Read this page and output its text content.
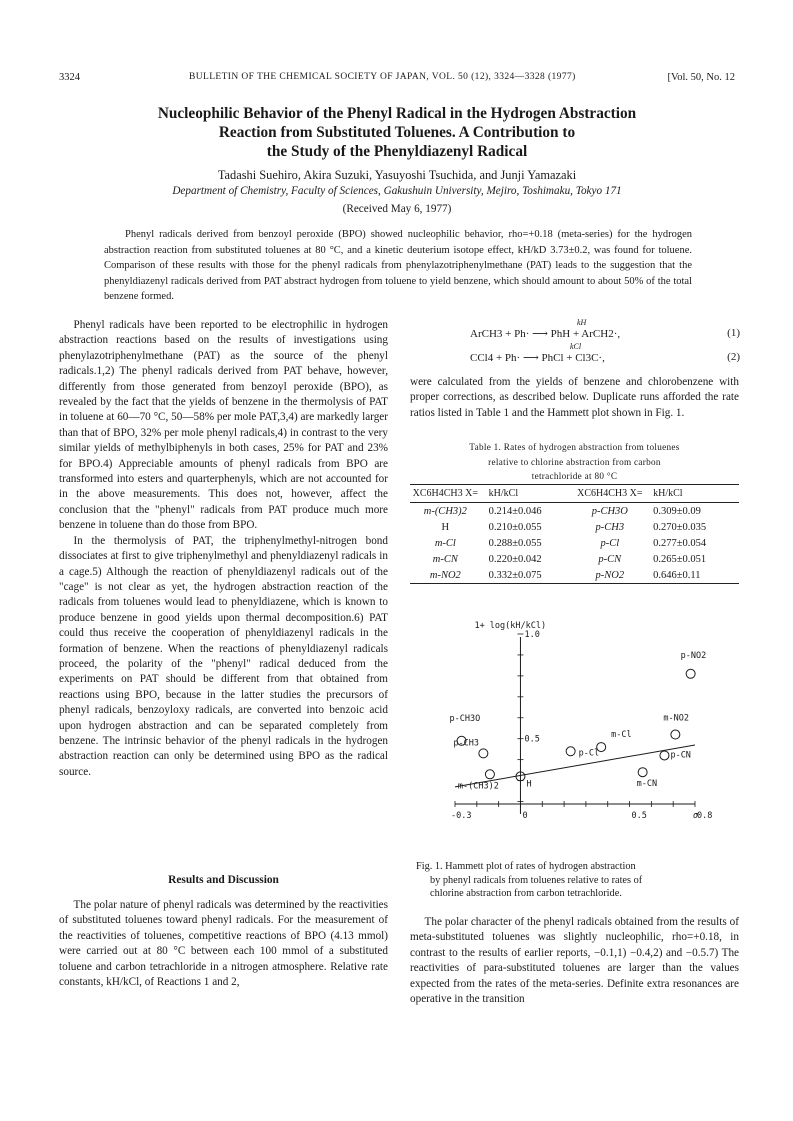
3324	BULLETIN OF THE CHEMICAL SOCIETY OF JAPAN, VOL. 50 (12), 3324—3328 (1977)	[Vol. 50, No. 12
Nucleophilic Behavior of the Phenyl Radical in the Hydrogen Abstraction
Reaction from Substituted Toluenes. A Contribution to
the Study of the Phenyldiazenyl Radical
Tadashi Suehiro, Akira Suzuki, Yasuyoshi Tsuchida, and Junji Yamazaki
Department of Chemistry, Faculty of Sciences, Gakushuin University, Mejiro, Toshimaku, Tokyo 171
(Received May 6, 1977)
Phenyl radicals derived from benzoyl peroxide (BPO) showed nucleophilic behavior, rho=+0.18 (meta-series) for the hydrogen abstraction reaction from substituted toluenes at 80 °C, and a kinetic deuterium isotope effect, kH/kD 3.73±0.2, was found for toluene. Comparison of these results with those for the phenyl radicals from phenylazotriphenylmethane (PAT) leads to the suggestion that the phenyldiazenyl radicals derived from PAT abstract hydrogen from toluene to yield benzene, which should amount to about 50% of the total benzene formed.

Phenyl radicals have been reported to be electrophilic in hydrogen abstraction reactions based on the results of investigations using phenylazotriphenylmethane (PAT) as the source of the phenyl radicals.1,2) The phenyl radicals derived from PAT behave, however, differently from those generated from benzoyl peroxide (BPO), as revealed by the fact that the yields of benzene in the thermolysis of PAT in toluene at 60—70 °C, 50—58% per mole PAT,3,4) are markedly larger than that of BPO, 32% per mole phenyl radicals,4) in contrast to the very similar yields of methylbiphenyls in both cases, 25% for PAT and 23% for BPO.4) Appreciable amounts of phenyl radicals from BPO are transformed into esters and quarterphenyls, which are not accounted for in the above measurements. This does not, however, affect the conclusion that the "phenyl" radicals from PAT produce much more benzene in toluene than do those from BPO.

In the thermolysis of PAT, the triphenylmethyl-nitrogen bond dissociates at first to give triphenylmethyl and phenyldiazenyl radicals in a cage.5) Although the reaction of phenyldiazenyl radicals out of the "cage" is not clear as yet, the hydrogen abstraction reaction of the radicals from toluenes would lead to phenyldiazene, which is known to produce benzene in good yields upon thermal decomposition.6) PAT could thus receive the cooperation of phenyldiazenyl radicals in the formation of benzene. When the reactions of phenyldiazenyl radicals proceed, the polarity of the "phenyl" radical deduced from the experiments on PAT should be different from that obtained from reactions using BPO, because in the latter studies the precursors of phenyl radicals, benzoyloxy radicals, are converted into benzoic acid upon hydrogen abstraction and can be separated completely from benzene. The intrinsic behavior of the phenyl radicals in the hydrogen abstraction reaction can only be determined using BPO as the radical source.

Results and Discussion
The polar nature of phenyl radicals was determined by the reactivities of substituted toluenes toward phenyl radicals. For the measurement of the reactivities of toluenes, competitive reactions of BPO (4.13 mmol) were carried out at 80 °C between each 100 mmol of a substituted toluene and carbon tetrachloride in a nitrogen atmosphere. Relative rate constants, kH/kCl, of Reactions 1 and 2,
kH
ArCH3 + Ph· ⟶ PhH + ArCH2·,	(1)
kCl
CCl4 + Ph· ⟶ PhCl + Cl3C·,	(2)
were calculated from the yields of benzene and chlorobenzene with proper corrections, as described below. Duplicate runs afforded the rate ratios listed in Table 1 and the Hammett plot shown in Fig. 1.
Table 1. Rates of hydrogen abstraction from toluenes
relative to chlorine abstraction from carbon
tetrachloride at 80 °C
XC6H4CH3 X=	kH/kCl	XC6H4CH3 X=	kH/kCl
m-(CH3)2	0.214±0.046	p-CH3O	0.309±0.09
H	0.210±0.055	p-CH3	0.270±0.035
m-Cl	0.288±0.055	p-Cl	0.277±0.054
m-CN	0.220±0.042	p-CN	0.265±0.051
m-NO2	0.332±0.075	p-NO2	0.646±0.11
-0.3	0	0.5	0.8
1.0
0.5
m-(CH3)2	H
p-CH3
p-CH3O
p-Cl
m-Cl
m-CN
p-CN
m-NO2
p-NO2
1+ log(kH/kCl)
σ
Fig. 1. Hammett plot of rates of hydrogen abstraction
by phenyl radicals from toluenes relative to rates of
chlorine abstraction from carbon tetrachloride.
The polar character of the phenyl radicals obtained from the results of meta-substituted toluenes was slightly nucleophilic, rho=+0.18, in contrast to the results of earlier reports, −0.1,1) −0.4,2) and −0.5.7) The reactivities of para-substituted toluenes are larger than the values expected from the rates of the meta-series. Definite extra resonances are operative in the transition
